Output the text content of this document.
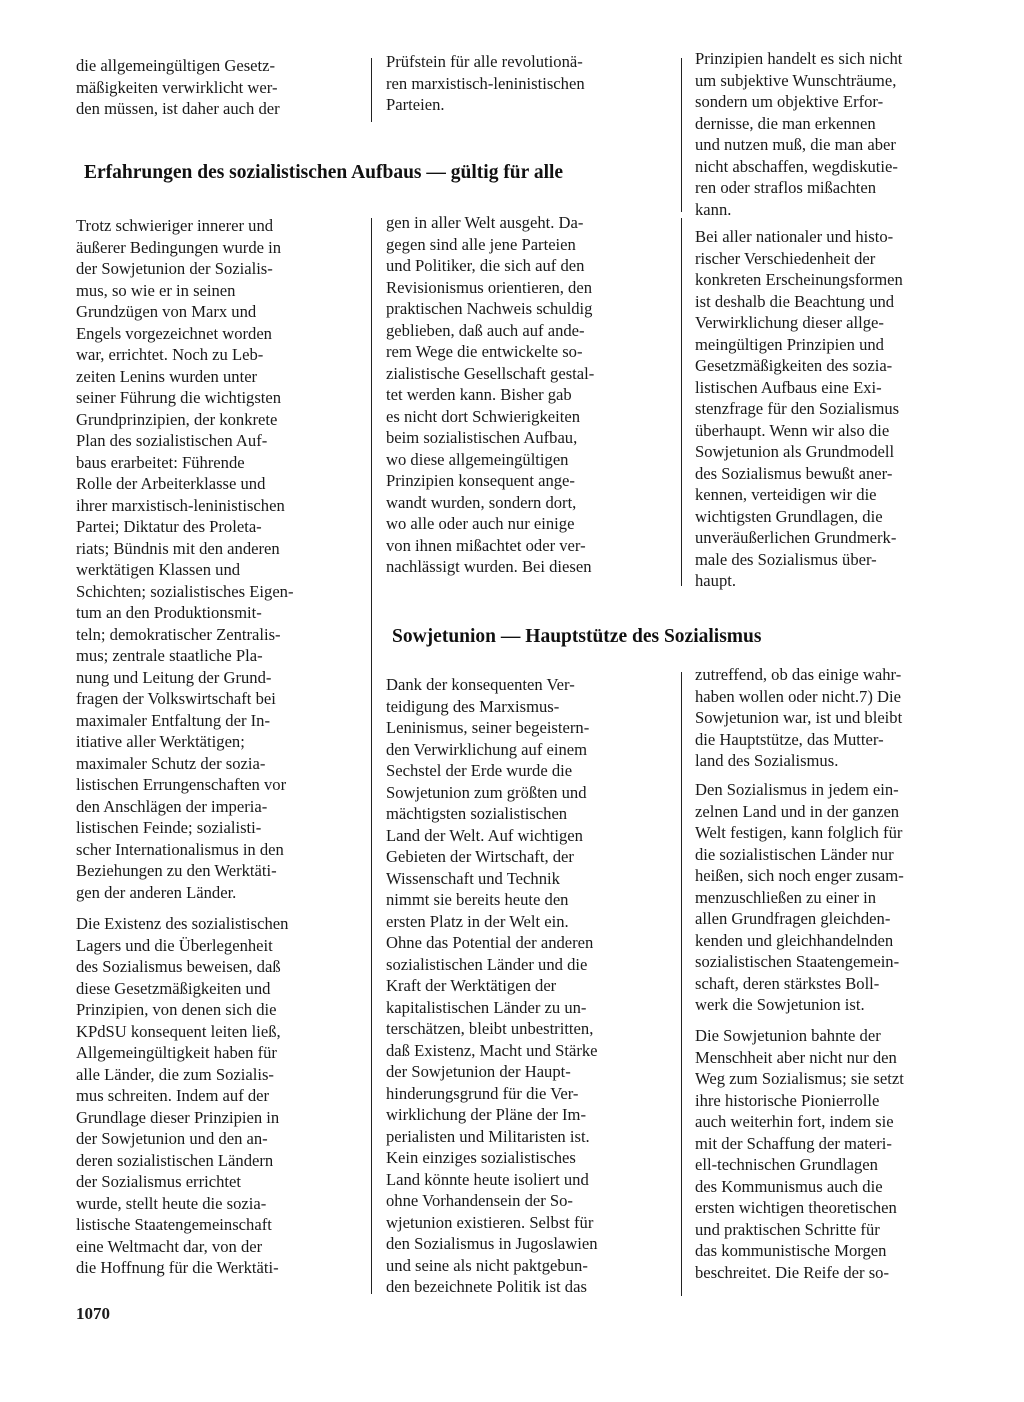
die allgemeingültigen Gesetz-
mäßigkeiten verwirklicht wer-
den müssen, ist daher auch der
Prüfstein für alle revolutionä-
ren marxistisch-leninistischen
Parteien.
Prinzipien handelt es sich nicht
um subjektive Wunschträume,
sondern um objektive Erfor-
dernisse, die man erkennen
und nutzen muß, die man aber
nicht abschaffen, wegdiskutie-
ren oder straflos mißachten
kann.
Bei aller nationaler und histo-
rischer Verschiedenheit der
konkreten Erscheinungsformen
ist deshalb die Beachtung und
Verwirklichung dieser allge-
meingültigen Prinzipien und
Gesetzmäßigkeiten des sozia-
listischen Aufbaus eine Exi-
stenzfrage für den Sozialismus
überhaupt. Wenn wir also die
Sowjetunion als Grundmodell
des Sozialismus bewußt aner-
kennen, verteidigen wir die
wichtigsten Grundlagen, die
unveräußerlichen Grundmerk-
male des Sozialismus über-
haupt.
Erfahrungen des sozialistischen Aufbaus — gültig für alle
Trotz schwieriger innerer und
äußerer Bedingungen wurde in
der Sowjetunion der Sozialis-
mus, so wie er in seinen
Grundzügen von Marx und
Engels vorgezeichnet worden
war, errichtet. Noch zu Leb-
zeiten Lenins wurden unter
seiner Führung die wichtigsten
Grundprinzipien, der konkrete
Plan des sozialistischen Auf-
baus erarbeitet: Führende
Rolle der Arbeiterklasse und
ihrer marxistisch-leninistischen
Partei; Diktatur des Proleta-
riats; Bündnis mit den anderen
werktätigen Klassen und
Schichten; sozialistisches Eigen-
tum an den Produktionsmit-
teln; demokratischer Zentralis-
mus; zentrale staatliche Pla-
nung und Leitung der Grund-
fragen der Volkswirtschaft bei
maximaler Entfaltung der In-
itiative aller Werktätigen;
maximaler Schutz der sozia-
listischen Errungenschaften vor
den Anschlägen der imperia-
listischen Feinde; sozialisti-
scher Internationalismus in den
Beziehungen zu den Werktäti-
gen der anderen Länder.
Die Existenz des sozialistischen
Lagers und die Überlegenheit
des Sozialismus beweisen, daß
diese Gesetzmäßigkeiten und
Prinzipien, von denen sich die
KPdSU konsequent leiten ließ,
Allgemeingültigkeit haben für
alle Länder, die zum Sozialis-
mus schreiten. Indem auf der
Grundlage dieser Prinzipien in
der Sowjetunion und den an-
deren sozialistischen Ländern
der Sozialismus errichtet
wurde, stellt heute die sozia-
listische Staatengemeinschaft
eine Weltmacht dar, von der
die Hoffnung für die Werktäti-
gen in aller Welt ausgeht. Da-
gegen sind alle jene Parteien
und Politiker, die sich auf den
Revisionismus orientieren, den
praktischen Nachweis schuldig
geblieben, daß auch auf ande-
rem Wege die entwickelte so-
zialistische Gesellschaft gestal-
tet werden kann. Bisher gab
es nicht dort Schwierigkeiten
beim sozialistischen Aufbau,
wo diese allgemeingültigen
Prinzipien konsequent ange-
wandt wurden, sondern dort,
wo alle oder auch nur einige
von ihnen mißachtet oder ver-
nachlässigt wurden. Bei diesen
Sowjetunion — Hauptstütze des Sozialismus
Dank der konsequenten Ver-
teidigung des Marxismus-
Leninismus, seiner begeistern-
den Verwirklichung auf einem
Sechstel der Erde wurde die
Sowjetunion zum größten und
mächtigsten sozialistischen
Land der Welt. Auf wichtigen
Gebieten der Wirtschaft, der
Wissenschaft und Technik
nimmt sie bereits heute den
ersten Platz in der Welt ein.
Ohne das Potential der anderen
sozialistischen Länder und die
Kraft der Werktätigen der
kapitalistischen Länder zu un-
terschätzen, bleibt unbestritten,
daß Existenz, Macht und Stärke
der Sowjetunion der Haupt-
hinderungsgrund für die Ver-
wirklichung der Pläne der Im-
perialisten und Militaristen ist.
Kein einziges sozialistisches
Land könnte heute isoliert und
ohne Vorhandensein der So-
wjetunion existieren. Selbst für
den Sozialismus in Jugoslawien
und seine als nicht paktgebun-
den bezeichnete Politik ist das
zutreffend, ob das einige wahr-
haben wollen oder nicht.7) Die
Sowjetunion war, ist und bleibt
die Hauptstütze, das Mutter-
land des Sozialismus.
Den Sozialismus in jedem ein-
zelnen Land und in der ganzen
Welt festigen, kann folglich für
die sozialistischen Länder nur
heißen, sich noch enger zusam-
menzuschließen zu einer in
allen Grundfragen gleichden-
kenden und gleichhandelnden
sozialistischen Staatengemein-
schaft, deren stärkstes Boll-
werk die Sowjetunion ist.
Die Sowjetunion bahnte der
Menschheit aber nicht nur den
Weg zum Sozialismus; sie setzt
ihre historische Pionierrolle
auch weiterhin fort, indem sie
mit der Schaffung der materi-
ell-technischen Grundlagen
des Kommunismus auch die
ersten wichtigen theoretischen
und praktischen Schritte für
das kommunistische Morgen
beschreitet. Die Reife der so-
1070
